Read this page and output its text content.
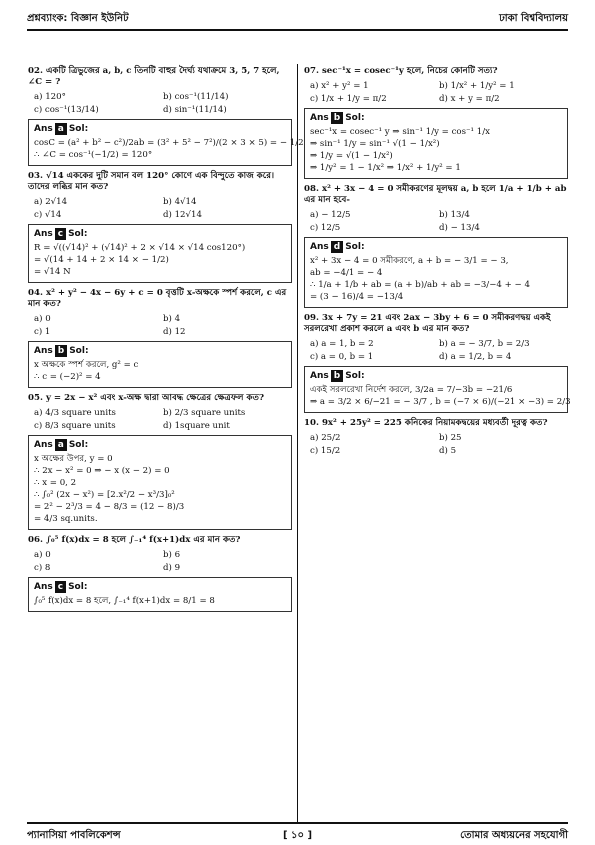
প্রশ্নব্যাংক: বিজ্ঞান ইউনিট	ঢাকা বিশ্ববিদ্যালয়
02. একটি ত্রিভুজের a, b, c তিনটি বাহুর দৈর্ঘ্য যথাক্রমে 3, 5, 7 হলে, ∠C = ?
a) 120°	b) cos⁻¹(11/14)
c) cos⁻¹(13/14)	d) sin⁻¹(11/14)
Ans a Sol:
cosC = (a² + b² − c²)/2ab = (3² + 5² − 7²)/(2 × 3 × 5) = − 1/2
∴ ∠C = cos⁻¹(−1/2) = 120°
03. √14 এককের দুটি সমান বল 120° কোণে এক বিন্দুতে কাজ করে। তাদের লব্ধির মান কত?
a) 2√14	b) 4√14
c) √14	d) 12√14
Ans c Sol:
R = √((√14)² + (√14)² + 2 × √14 × √14 cos120°)
= √(14 + 14 + 2 × 14 × − 1/2)
= √14 N
04. x² + y² − 4x − 6y + c = 0 বৃত্তটি x-অক্ষকে স্পর্শ করলে, c এর মান কত?
a) 0	b) 4
c) 1	d) 12
Ans b Sol:
x অক্ষকে স্পর্শ করলে, g² = c
∴ c = (−2)² = 4
05. y = 2x − x² এবং x-অক্ষ দ্বারা আবদ্ধ ক্ষেত্রের ক্ষেত্রফল কত?
a) 4/3 square units	b) 2/3 square units
c) 8/3 square units	d) 1square unit
Ans a Sol:
x অক্ষের উপর, y = 0
∴ 2x − x² = 0 ⇒ − x (x − 2) = 0
∴ x = 0, 2
∴ ∫₀² (2x − x²) = [2.x²/2 − x³/3]₀²
= 2² − 2³/3 = 4 − 8/3 = (12 − 8)/3
= 4/3 sq.units.
06. ∫₀⁵ f(x)dx = 8 হলে ∫₋₁⁴ f(x+1)dx এর মান কত?
a) 0	b) 6
c) 8	d) 9
Ans c Sol:
∫₀⁵ f(x)dx = 8 হলে, ∫₋₁⁴ f(x+1)dx = 8/1 = 8
07. sec⁻¹x = cosec⁻¹y হলে, নিচের কোনটি সত্য?
a) x² + y² = 1	b) 1/x² + 1/y² = 1
c) 1/x + 1/y = π/2	d) x + y = π/2
Ans b Sol:
sec⁻¹x = cosec⁻¹ y ⇒ sin⁻¹ 1/y = cos⁻¹ 1/x
⇒ sin⁻¹ 1/y = sin⁻¹ √(1 − 1/x²)
⇒ 1/y = √(1 − 1/x²)
⇒ 1/y² = 1 − 1/x² ⇒ 1/x² + 1/y² = 1
08. x² + 3x − 4 = 0 সমীকরণের মূলদ্বয় a, b হলে 1/a + 1/b + ab এর মান হবে-
a) − 12/5	b) 13/4
c) 12/5	d) − 13/4
Ans d Sol:
x² + 3x − 4 = 0 সমীকরণে, a + b = − 3/1 = − 3,
ab = −4/1 = − 4
∴ 1/a + 1/b + ab = (a + b)/ab + ab = −3/−4 + − 4
= (3 − 16)/4 = −13/4
09. 3x + 7y = 21 এবং 2ax − 3by + 6 = 0 সমীকরণদ্বয় একই সরলরেখা প্রকাশ করলে a এবং b এর মান কত?
a) a = 1, b = 2	b) a = − 3/7, b = 2/3
c) a = 0, b = 1	d) a = 1/2, b = 4
Ans b Sol:
একই সরলরেখা নির্দেশ করলে, 3/2a = 7/−3b = −21/6
⇒ a = 3/2 × 6/−21 = − 3/7 , b = (−7 × 6)/(−21 × −3) = 2/3
10. 9x² + 25y² = 225 কনিকের নিয়ামকদ্বয়ের মধ্যবর্তী দূরত্ব কত?
a) 25/2	b) 25
c) 15/2	d) 5
প্যানাসিয়া পাবলিকেশন্স	[ ১০ ]	তোমার অধ্যয়নের সহযোগী
